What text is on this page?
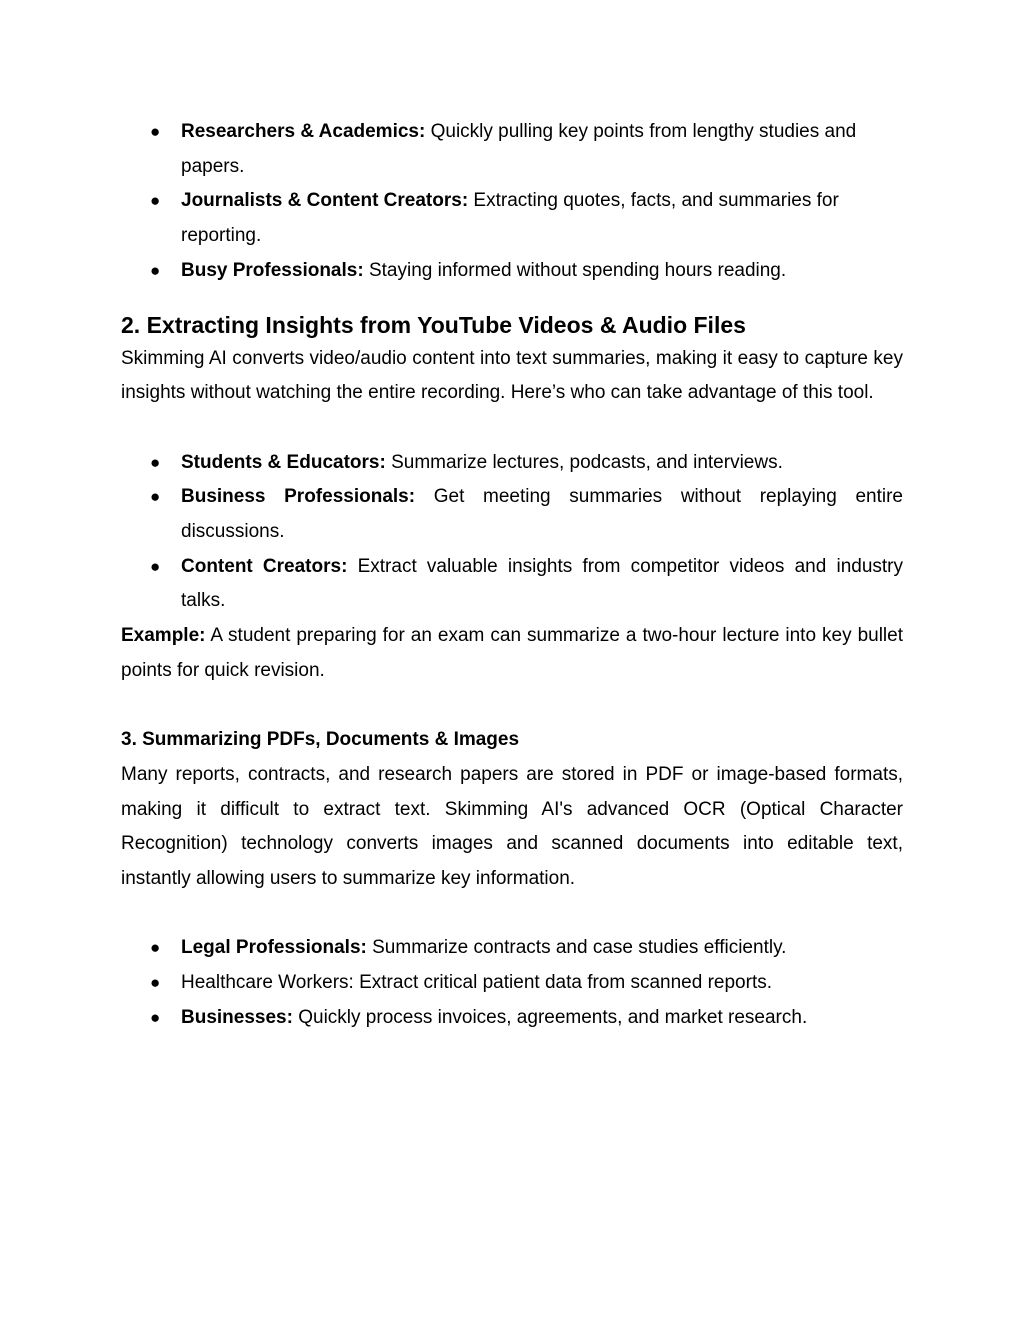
● Researchers & Academics: Quickly pulling key points from lengthy studies and papers.
● Journalists & Content Creators: Extracting quotes, facts, and summaries for reporting.
● Busy Professionals: Staying informed without spending hours reading.
2. Extracting Insights from YouTube Videos & Audio Files

Skimming AI converts video/audio content into text summaries, making it easy to capture key insights without watching the entire recording. Here’s who can take advantage of this tool.

● Students & Educators: Summarize lectures, podcasts, and interviews.
● Business Professionals: Get meeting summaries without replaying entire discussions.
● Content Creators: Extract valuable insights from competitor videos and industry talks.

Example: A student preparing for an exam can summarize a two-hour lecture into key bullet points for quick revision.

3. Summarizing PDFs, Documents & Images

Many reports, contracts, and research papers are stored in PDF or image-based formats, making it difficult to extract text. Skimming AI's advanced OCR (Optical Character Recognition) technology converts images and scanned documents into editable text, instantly allowing users to summarize key information.

● Legal Professionals: Summarize contracts and case studies efficiently.
● Healthcare Workers: Extract critical patient data from scanned reports.
● Businesses: Quickly process invoices, agreements, and market research.
